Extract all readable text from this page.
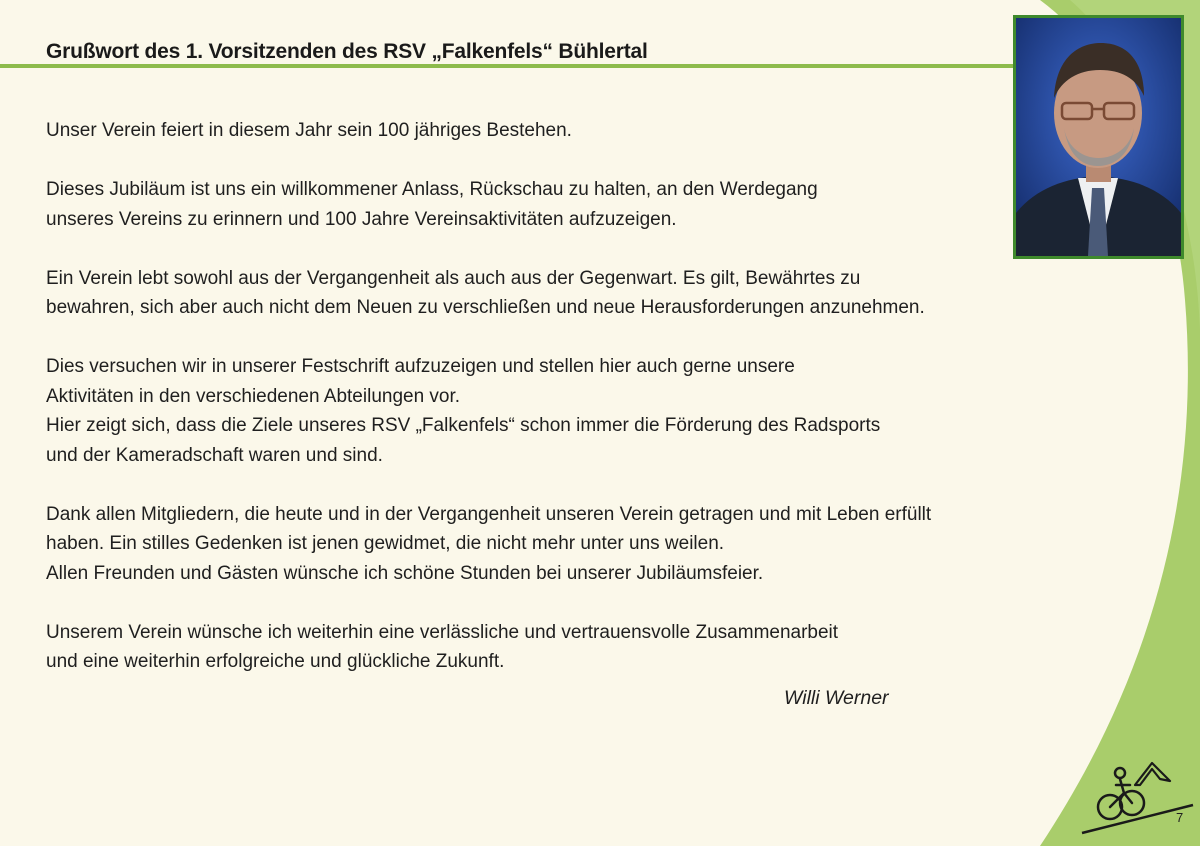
Grußwort des 1. Vorsitzenden des RSV „Falkenfels“ Bühlertal

Unser Verein feiert in diesem Jahr sein 100 jähriges Bestehen.

Dieses Jubiläum ist uns ein willkommener Anlass, Rückschau zu halten, an den Werdegang
unseres Vereins zu erinnern und 100 Jahre Vereinsaktivitäten aufzuzeigen.

Ein Verein lebt sowohl aus der Vergangenheit als auch aus der Gegenwart. Es gilt, Bewährtes zu
bewahren, sich aber auch nicht dem Neuen zu verschließen und neue Herausforderungen anzunehmen.

Dies versuchen wir in unserer Festschrift aufzuzeigen und stellen hier auch gerne unsere
Aktivitäten in den verschiedenen Abteilungen vor.
Hier zeigt sich, dass die Ziele unseres RSV „Falkenfels“ schon immer die Förderung des Radsports
und der Kameradschaft waren und sind.

Dank allen Mitgliedern, die heute und in der Vergangenheit unseren Verein getragen und mit Leben erfüllt
haben. Ein stilles Gedenken ist jenen gewidmet, die nicht mehr unter uns weilen.
Allen Freunden und Gästen wünsche ich schöne Stunden bei unserer Jubiläumsfeier.

Unserem Verein wünsche ich weiterhin eine verlässliche und vertrauensvolle Zusammenarbeit
und eine weiterhin erfolgreiche und glückliche Zukunft.

Willi Werner
7
